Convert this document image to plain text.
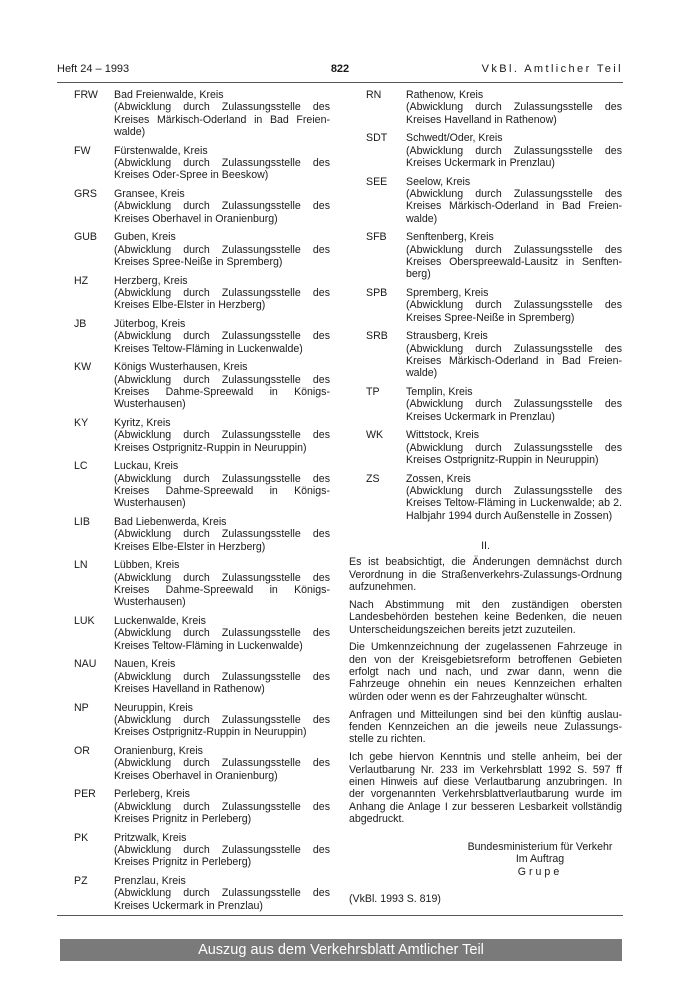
Heft 24 – 1993	822	VkBl. Amtlicher Teil
FRW	Bad Freienwalde, Kreis
(Abwicklung durch Zulassungsstelle des Kreises Märkisch-Oderland in Bad Freien-walde)
FW	Fürstenwalde, Kreis
(Abwicklung durch Zulassungsstelle des Kreises Oder-Spree in Beeskow)
GRS	Gransee, Kreis
(Abwicklung durch Zulassungsstelle des Kreises Oberhavel in Oranienburg)
GUB	Guben, Kreis
(Abwicklung durch Zulassungsstelle des Kreises Spree-Neiße in Spremberg)
HZ	Herzberg, Kreis
(Abwicklung durch Zulassungsstelle des Kreises Elbe-Elster in Herzberg)
JB	Jüterbog, Kreis
(Abwicklung durch Zulassungsstelle des Kreises Teltow-Fläming in Luckenwalde)
KW	Königs Wusterhausen, Kreis
(Abwicklung durch Zulassungsstelle des Kreises Dahme-Spreewald in Königs-Wusterhausen)
KY	Kyritz, Kreis
(Abwicklung durch Zulassungsstelle des Kreises Ostprignitz-Ruppin in Neuruppin)
LC	Luckau, Kreis
(Abwicklung durch Zulassungsstelle des Kreises Dahme-Spreewald in Königs-Wusterhausen)
LIB	Bad Liebenwerda, Kreis
(Abwicklung durch Zulassungsstelle des Kreises Elbe-Elster in Herzberg)
LN	Lübben, Kreis
(Abwicklung durch Zulassungsstelle des Kreises Dahme-Spreewald in Königs-Wusterhausen)
LUK	Luckenwalde, Kreis
(Abwicklung durch Zulassungsstelle des Kreises Teltow-Fläming in Luckenwalde)
NAU	Nauen, Kreis
(Abwicklung durch Zulassungsstelle des Kreises Havelland in Rathenow)
NP	Neuruppin, Kreis
(Abwicklung durch Zulassungsstelle des Kreises Ostprignitz-Ruppin in Neuruppin)
OR	Oranienburg, Kreis
(Abwicklung durch Zulassungsstelle des Kreises Oberhavel in Oranienburg)
PER	Perleberg, Kreis
(Abwicklung durch Zulassungsstelle des Kreises Prignitz in Perleberg)
PK	Pritzwalk, Kreis
(Abwicklung durch Zulassungsstelle des Kreises Prignitz in Perleberg)
PZ	Prenzlau, Kreis
(Abwicklung durch Zulassungsstelle des Kreises Uckermark in Prenzlau)
RN	Rathenow, Kreis
(Abwicklung durch Zulassungsstelle des Kreises Havelland in Rathenow)
SDT	Schwedt/Oder, Kreis
(Abwicklung durch Zulassungsstelle des Kreises Uckermark in Prenzlau)
SEE	Seelow, Kreis
(Abwicklung durch Zulassungsstelle des Kreises Märkisch-Oderland in Bad Freien-walde)
SFB	Senftenberg, Kreis
(Abwicklung durch Zulassungsstelle des Kreises Oberspreewald-Lausitz in Senften-berg)
SPB	Spremberg, Kreis
(Abwicklung durch Zulassungsstelle des Kreises Spree-Neiße in Spremberg)
SRB	Strausberg, Kreis
(Abwicklung durch Zulassungsstelle des Kreises Märkisch-Oderland in Bad Freien-walde)
TP	Templin, Kreis
(Abwicklung durch Zulassungsstelle des Kreises Uckermark in Prenzlau)
WK	Wittstock, Kreis
(Abwicklung durch Zulassungsstelle des Kreises Ostprignitz-Ruppin in Neuruppin)
ZS	Zossen, Kreis
(Abwicklung durch Zulassungsstelle des Kreises Teltow-Fläming in Luckenwalde; ab 2. Halbjahr 1994 durch Außenstelle in Zossen)
II.

Es ist beabsichtigt, die Änderungen demnächst durch Verordnung in die Straßenverkehrs-Zulassungs-Ordnung aufzunehmen.

Nach Abstimmung mit den zuständigen obersten Landesbehörden bestehen keine Bedenken, die neuen Unterscheidungszeichen bereits jetzt zuzuteilen.

Die Umkennzeichnung der zugelassenen Fahrzeuge in den von der Kreisgebietsreform betroffenen Gebieten erfolgt nach und nach, und zwar dann, wenn die Fahrzeuge ohnehin ein neues Kennzeichen erhalten würden oder wenn es der Fahrzeughalter wünscht.

Anfragen und Mitteilungen sind bei den künftig auslau-fenden Kennzeichen an die jeweils neue Zulassungs-stelle zu richten.

Ich gebe hiervon Kenntnis und stelle anheim, bei der Verlautbarung Nr. 233 im Verkehrsblatt 1992 S. 597 ff einen Hinweis auf diese Verlautbarung anzubringen. In der vorgenannten Verkehrsblattverlautbarung wurde im Anhang die Anlage I zur besseren Lesbarkeit vollständig abgedruckt.

Bundesministerium für Verkehr
Im Auftrag
Grupe
(VkBl. 1993 S. 819)
Auszug aus dem Verkehrsblatt Amtlicher Teil
